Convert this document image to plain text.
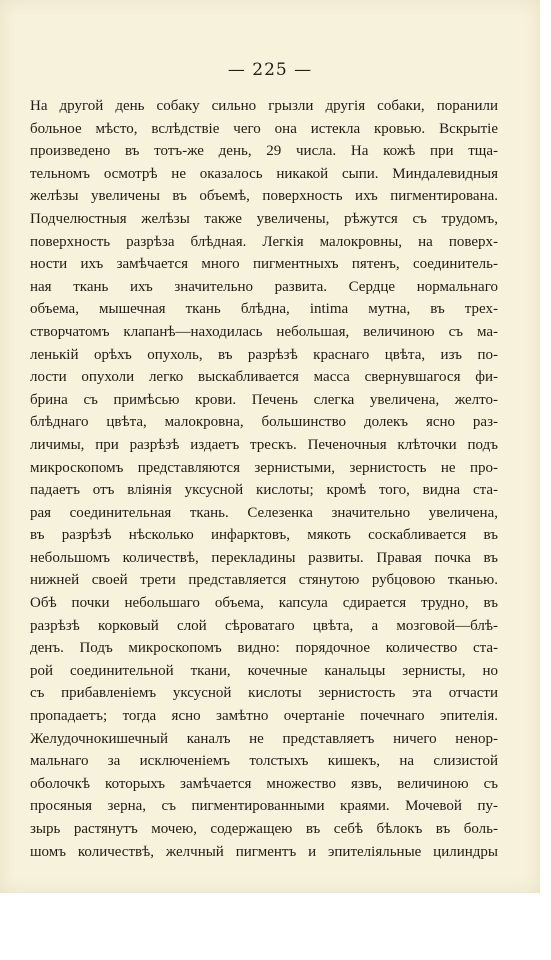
— 225 —
На другой день собаку сильно грызли другія собаки, поранили
больное мѣсто, вслѣдствіе чего она истекла кровью. Вскрытіе
произведено въ тотъ-же день, 29 числа. На кожѣ при тща-
тельномъ осмотрѣ не оказалось никакой сыпи. Миндалевидныя
желѣзы увеличены въ объемѣ, поверхность ихъ пигментирована.
Подчелюстныя желѣзы также увеличены, рѣжутся съ трудомъ,
поверхность разрѣза блѣдная. Легкія малокровны, на поверх-
ности ихъ замѣчается много пигментныхъ пятенъ, соединитель-
ная ткань ихъ значительно развита. Сердце нормальнаго
объема, мышечная ткань блѣдна, intima мутна, въ трех-
створчатомъ клапанѣ—находилась небольшая, величиною съ ма-
ленькій орѣхъ опухоль, въ разрѣзѣ краснаго цвѣта, изъ по-
лости опухоли легко выскабливается масса свернувшагося фи-
брина съ примѣсью крови. Печень слегка увеличена, желто-
блѣднаго цвѣта, малокровна, большинство долекъ ясно раз-
личимы, при разрѣзѣ издаетъ трескъ. Печеночныя клѣточки подъ
микроскопомъ представляются зернистыми, зернистость не про-
падаетъ отъ вліянія уксусной кислоты; кромѣ того, видна ста-
рая соединительная ткань. Селезенка значительно увеличена,
въ разрѣзѣ нѣсколько инфарктовъ, мякоть соскабливается въ
небольшомъ количествѣ, перекладины развиты. Правая почка въ
нижней своей трети представляется стянутою рубцовою тканью.
Обѣ почки небольшаго объема, капсула сдирается трудно, въ
разрѣзѣ корковый слой сѣроватаго цвѣта, а мозговой—блѣ-
денъ. Подъ микроскопомъ видно: порядочное количество ста-
рой соединительной ткани, кочечные канальцы зернисты, но
съ прибавленіемъ уксусной кислоты зернистость эта отчасти
пропадаетъ; тогда ясно замѣтно очертаніе почечнаго эпителія.
Желудочнокишечный каналъ не представляетъ ничего ненор-
мальнаго за исключеніемъ толстыхъ кишекъ, на слизистой
оболочкѣ которыхъ замѣчается множество язвъ, величиною съ
просяныя зерна, съ пигментированными краями. Мочевой пу-
зырь растянутъ мочею, содержащею въ себѣ бѣлокъ въ боль-
шомъ количествѣ, желчный пигментъ и эпителіяльные цилиндры
